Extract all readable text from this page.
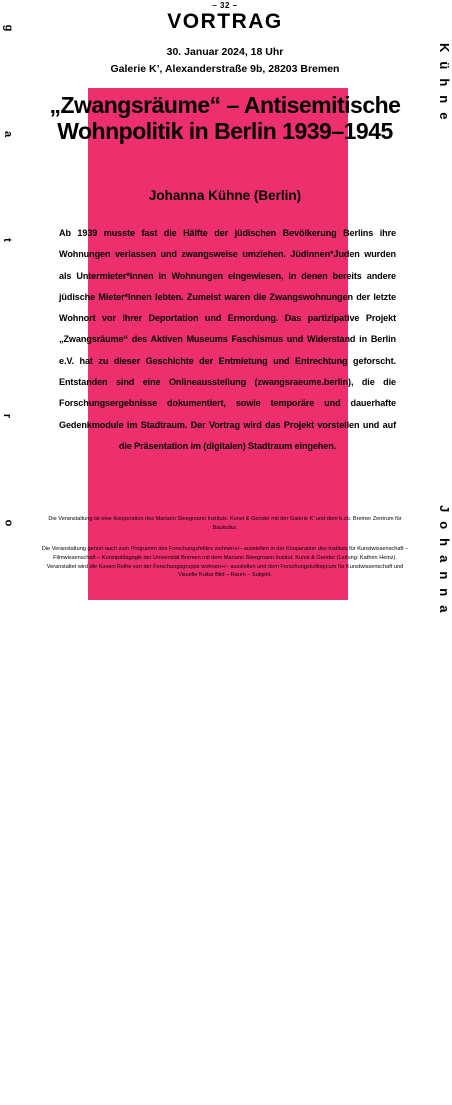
– 32 –
VORTRAG
30. Januar 2024, 18 Uhr
Galerie K’, Alexanderstraße 9b, 28203 Bremen
„Zwangsräume“ – Antisemitische Wohnpolitik in Berlin 1939–1945
Johanna Kühne (Berlin)
Ab 1939 musste fast die Hälfte der jüdischen Bevölkerung Berlins ihre Wohnungen verlassen und zwangsweise umziehen. Jüdinnen*Juden wurden als Untermieter*innen in Wohnungen eingewiesen, in denen bereits andere jüdische Mieter*Innen lebten. Zumeist waren die Zwangswohnungen der letzte Wohnort vor ihrer Deportation und Ermordung. Das partizipative Projekt „Zwangsräume“ des Aktiven Museums Faschismus und Widerstand in Berlin e.V. hat zu dieser Geschichte der Entmietung und Entrechtung geforscht. Entstanden sind eine Onlineausstellung (zwangsraeume.berlin), die die Forschungsergebnisse dokumentiert, sowie temporäre und dauerhafte Gedenkmodule im Stadtraum. Der Vortrag wird das Projekt vorstellen und auf die Präsentation im (digitalen) Stadtraum eingehen.
Die Veranstaltung ist eine Kooperation des Mariann Steegmann Instituts. Kunst & Gender mit der Galerie K’ und dem b.zb. Bremer Zentrum für Baukultur.
Die Veranstaltung gehört auch zum Programm des Forschungsfeldes wohnen+/– ausstellen in der Kooperation des Instituts für Kunstwissenschaft – Filmwissenschaft – Kunstpädagogik der Universität Bremen mit dem Mariann Steegmann Institut. Kunst & Gender (Leitung: Kathrin Heinz). Veranstaltet wird die Kuvert-Reihe von der Forschungsgruppe wohnen+/– ausstellen und dem Forschungskolloquium für Kunstwissenschaft und Visuelle Kultur Bild – Raum – Subjekt.
g
a
t
r
o
Kühne
Johanna
